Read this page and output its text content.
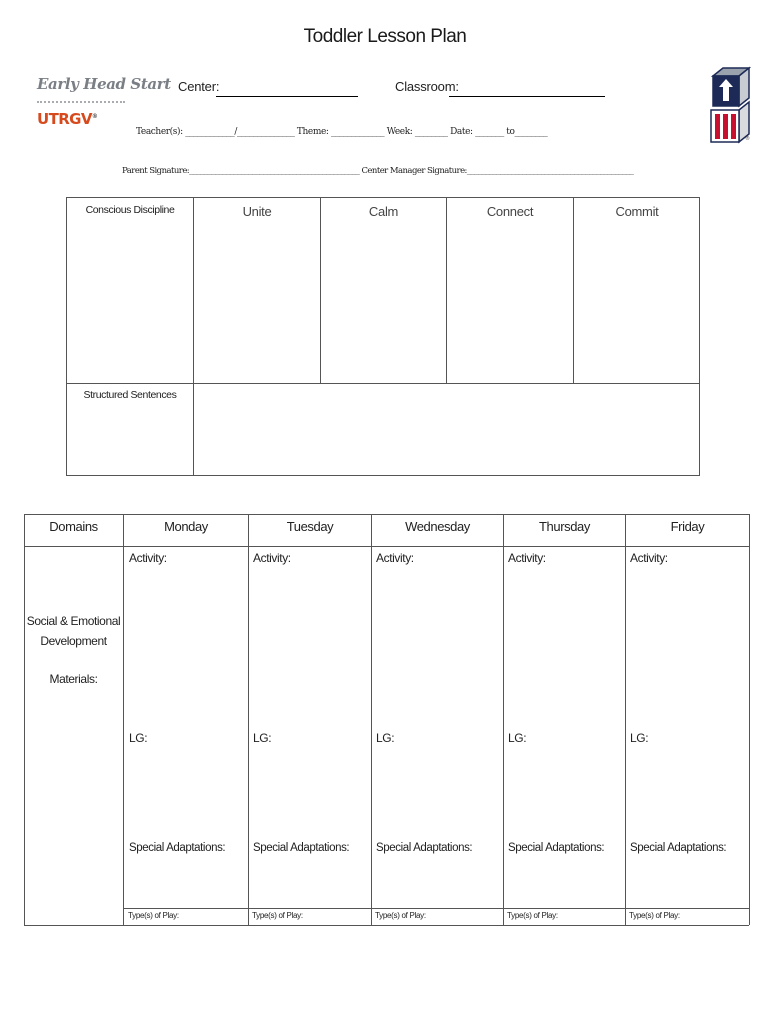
Toddler Lesson Plan
Early Head Start
UTRGV®
Center:	Classroom:
Teacher(s): ____________/______________ Theme: _____________ Week: ________ Date: _______ to________
Parent Signature:______________________________________________ Center Manager Signature:_____________________________________________
®
Conscious Discipline	Unite	Calm	Connect	Commit
Structured Sentences
Domains	Monday	Tuesday	Wednesday	Thursday	Friday
Social & Emotional Development
Materials:
Activity:
LG:
Special Adaptations:
Type(s) of Play:
Activity:
LG:
Special Adaptations:
Type(s) of Play:
Activity:
LG:
Special Adaptations:
Type(s) of Play:
Activity:
LG:
Special Adaptations:
Type(s) of Play:
Activity:
LG:
Special Adaptations:
Type(s) of Play:
